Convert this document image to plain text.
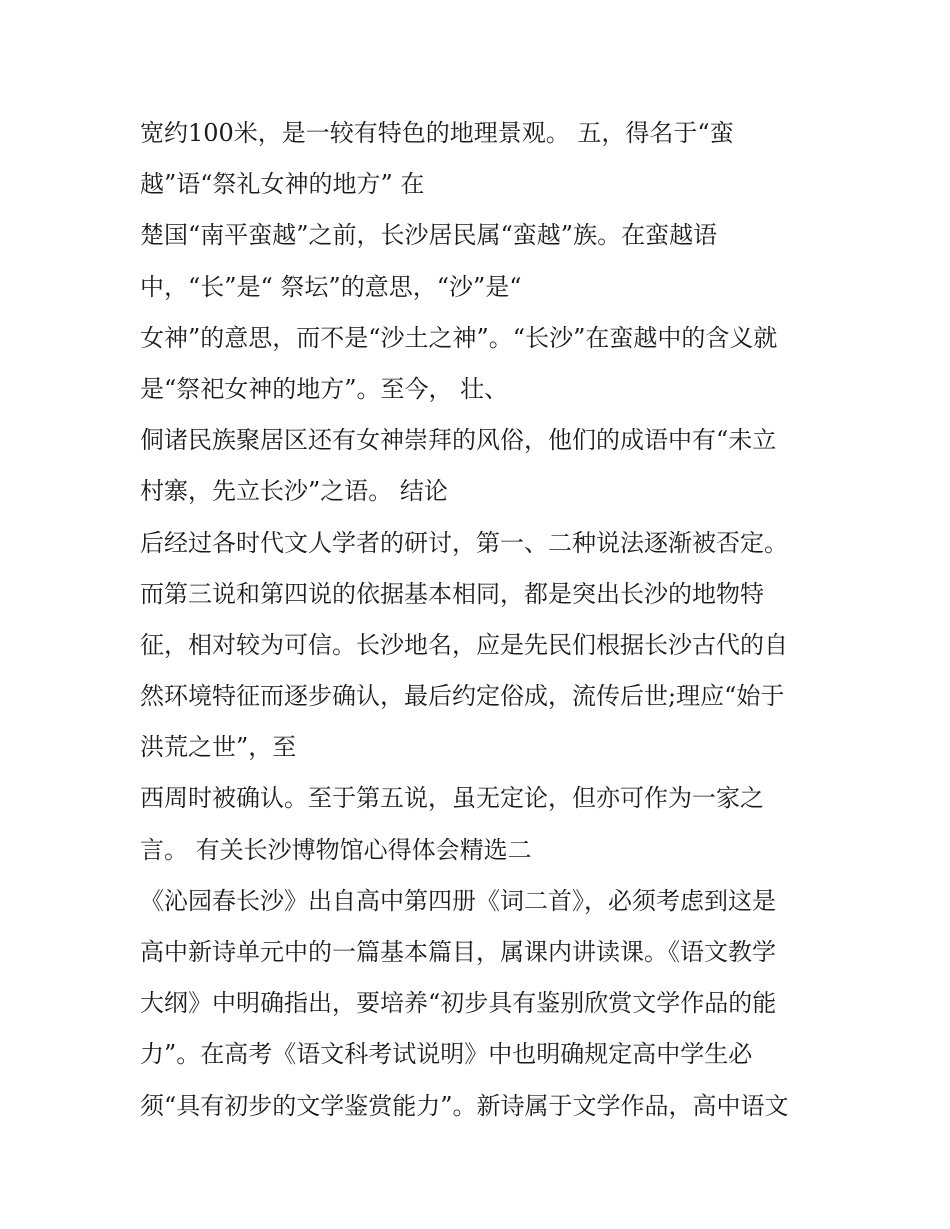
宽约100米，是一较有特色的地理景观。 五，得名于“蛮
越”语“祭礼女神的地方” 在
楚国“南平蛮越”之前，长沙居民属“蛮越”族。在蛮越语
中，“长”是“ 祭坛”的意思，“沙”是“
女神”的意思，而不是“沙土之神”。“长沙”在蛮越中的含义就
是“祭祀女神的地方”。至今， 壮、
侗诸民族聚居区还有女神崇拜的风俗，他们的成语中有“未立
村寨，先立长沙”之语。 结论
后经过各时代文人学者的研讨，第一、二种说法逐渐被否定。
而第三说和第四说的依据基本相同，都是突出长沙的地物特
征，相对较为可信。长沙地名，应是先民们根据长沙古代的自
然环境特征而逐步确认，最后约定俗成，流传后世;理应“始于
洪荒之世”，至
西周时被确认。至于第五说，虽无定论，但亦可作为一家之
言。 有关长沙博物馆心得体会精选二
《沁园春长沙》出自高中第四册《词二首》，必须考虑到这是
高中新诗单元中的一篇基本篇目，属课内讲读课。《语文教学
大纲》中明确指出，要培养“初步具有鉴别欣赏文学作品的能
力”。在高考《语文科考试说明》中也明确规定高中学生必
须“具有初步的文学鉴赏能力”。新诗属于文学作品，高中语文
